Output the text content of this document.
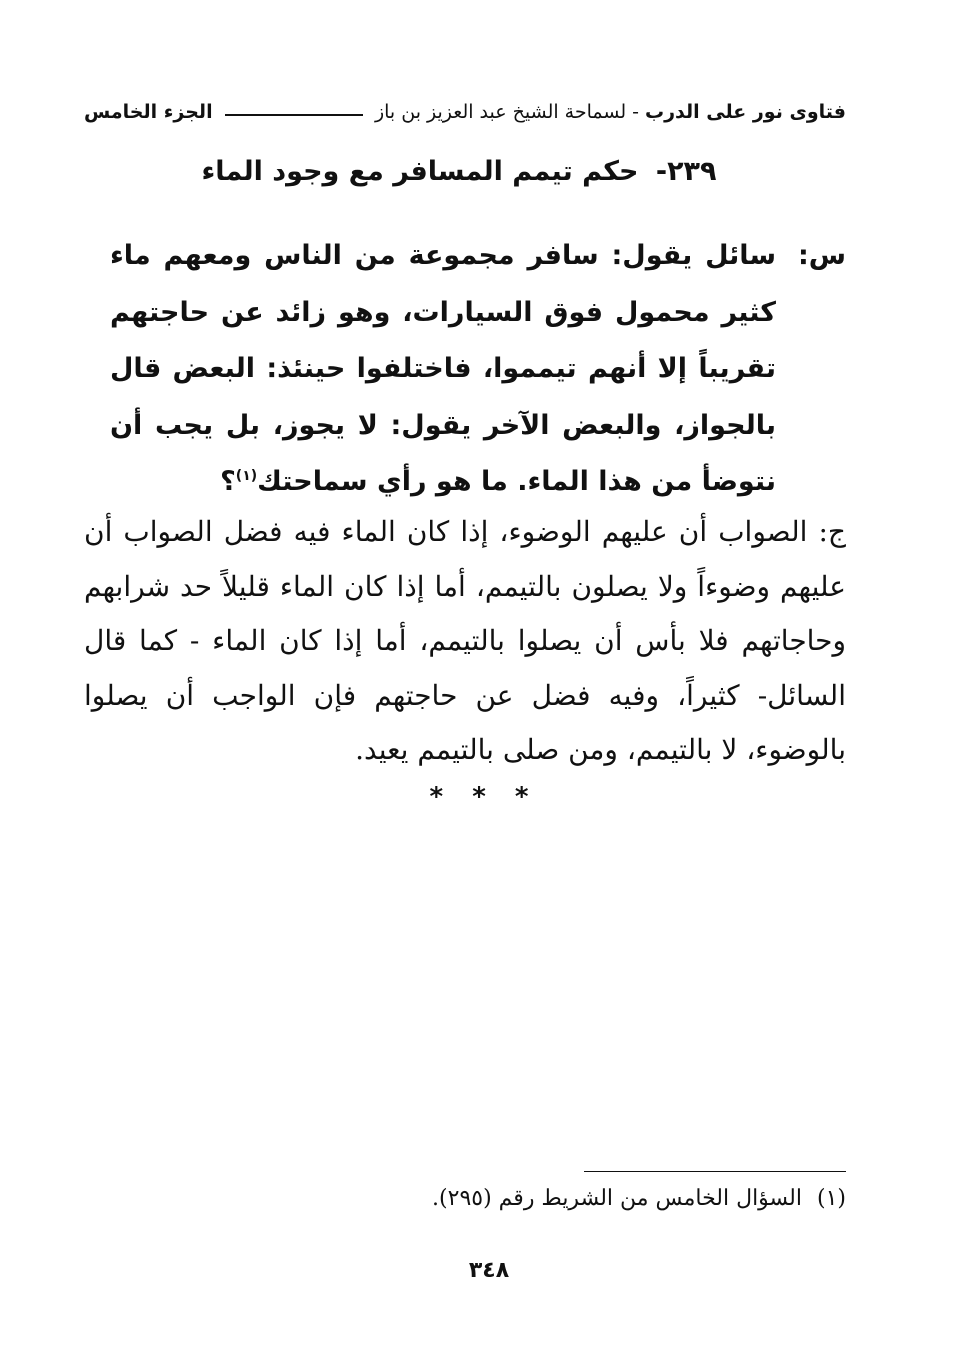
فتاوى نور على الدرب
-
لسماحة الشيخ عبد العزيز بن باز
الجزء الخامس
٢٣٩- حكم تيمم المسافر مع وجود الماء
س:
سائل يقول: سافر مجموعة من الناس ومعهم ماء كثير محمول فوق السيارات، وهو زائد عن حاجتهم تقريباً إلا أنهم تيمموا، فاختلفوا حينئذ: البعض قال بالجواز، والبعض الآخر يقول: لا يجوز، بل يجب أن نتوضأ من هذا الماء. ما هو رأي سماحتك$^{(١)}$؟
ج: الصواب أن عليهم الوضوء، إذا كان الماء فيه فضل الصواب أن عليهم وضوءاً ولا يصلون بالتيمم، أما إذا كان الماء قليلاً حد شرابهم وحاجاتهم فلا بأس أن يصلوا بالتيمم، أما إذا كان الماء - كما قال السائل- كثيراً، وفيه فضل عن حاجتهم فإن الواجب أن يصلوا بالوضوء، لا بالتيمم، ومن صلى بالتيمم يعيد.
* * *
(١) السؤال الخامس من الشريط رقم (٢٩٥).
٣٤٨
